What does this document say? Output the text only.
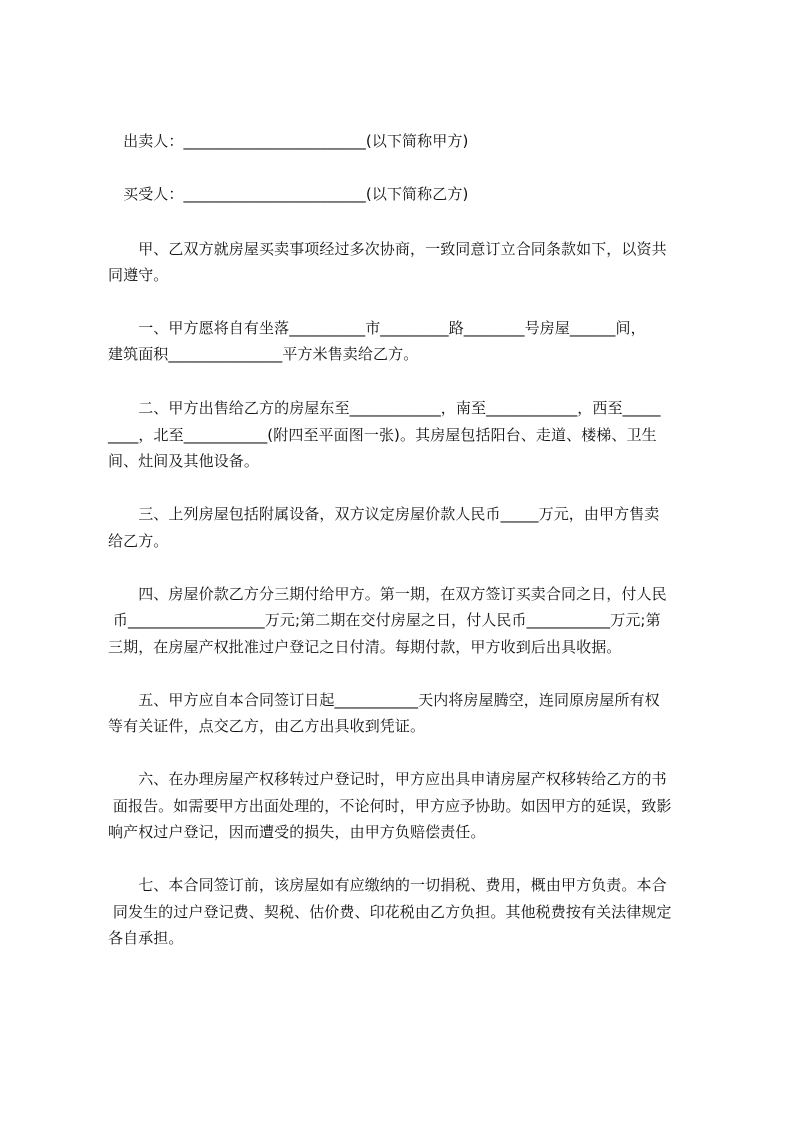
　出卖人：________________________(以下简称甲方)
　买受人：________________________(以下简称乙方)
　　甲、乙双方就房屋买卖事项经过多次协商，一致同意订立合同条款如下，以资共
同遵守。
　　一、甲方愿将自有坐落__________市_________路________号房屋______间，
建筑面积_______________平方米售卖给乙方。
　　二、甲方出售给乙方的房屋东至____________，南至____________，西至_____
____，北至___________(附四至平面图一张)。其房屋包括阳台、走道、楼梯、卫生
间、灶间及其他设备。
　　三、上列房屋包括附属设备，双方议定房屋价款人民币_____万元，由甲方售卖
给乙方。
　　四、房屋价款乙方分三期付给甲方。第一期，在双方签订买卖合同之日，付人民
币__________________万元;第二期在交付房屋之日，付人民币___________万元;第
三期，在房屋产权批准过户登记之日付清。每期付款，甲方收到后出具收据。
　　五、甲方应自本合同签订日起___________天内将房屋腾空，连同原房屋所有权
等有关证件，点交乙方，由乙方出具收到凭证。
　　六、在办理房屋产权移转过户登记时，甲方应出具申请房屋产权移转给乙方的书
面报告。如需要甲方出面处理的，不论何时，甲方应予协助。如因甲方的延误，致影
响产权过户登记，因而遭受的损失，由甲方负赔偿责任。
　　七、本合同签订前，该房屋如有应缴纳的一切捐税、费用，概由甲方负责。本合
同发生的过户登记费、契税、估价费、印花税由乙方负担。其他税费按有关法律规定
各自承担。
